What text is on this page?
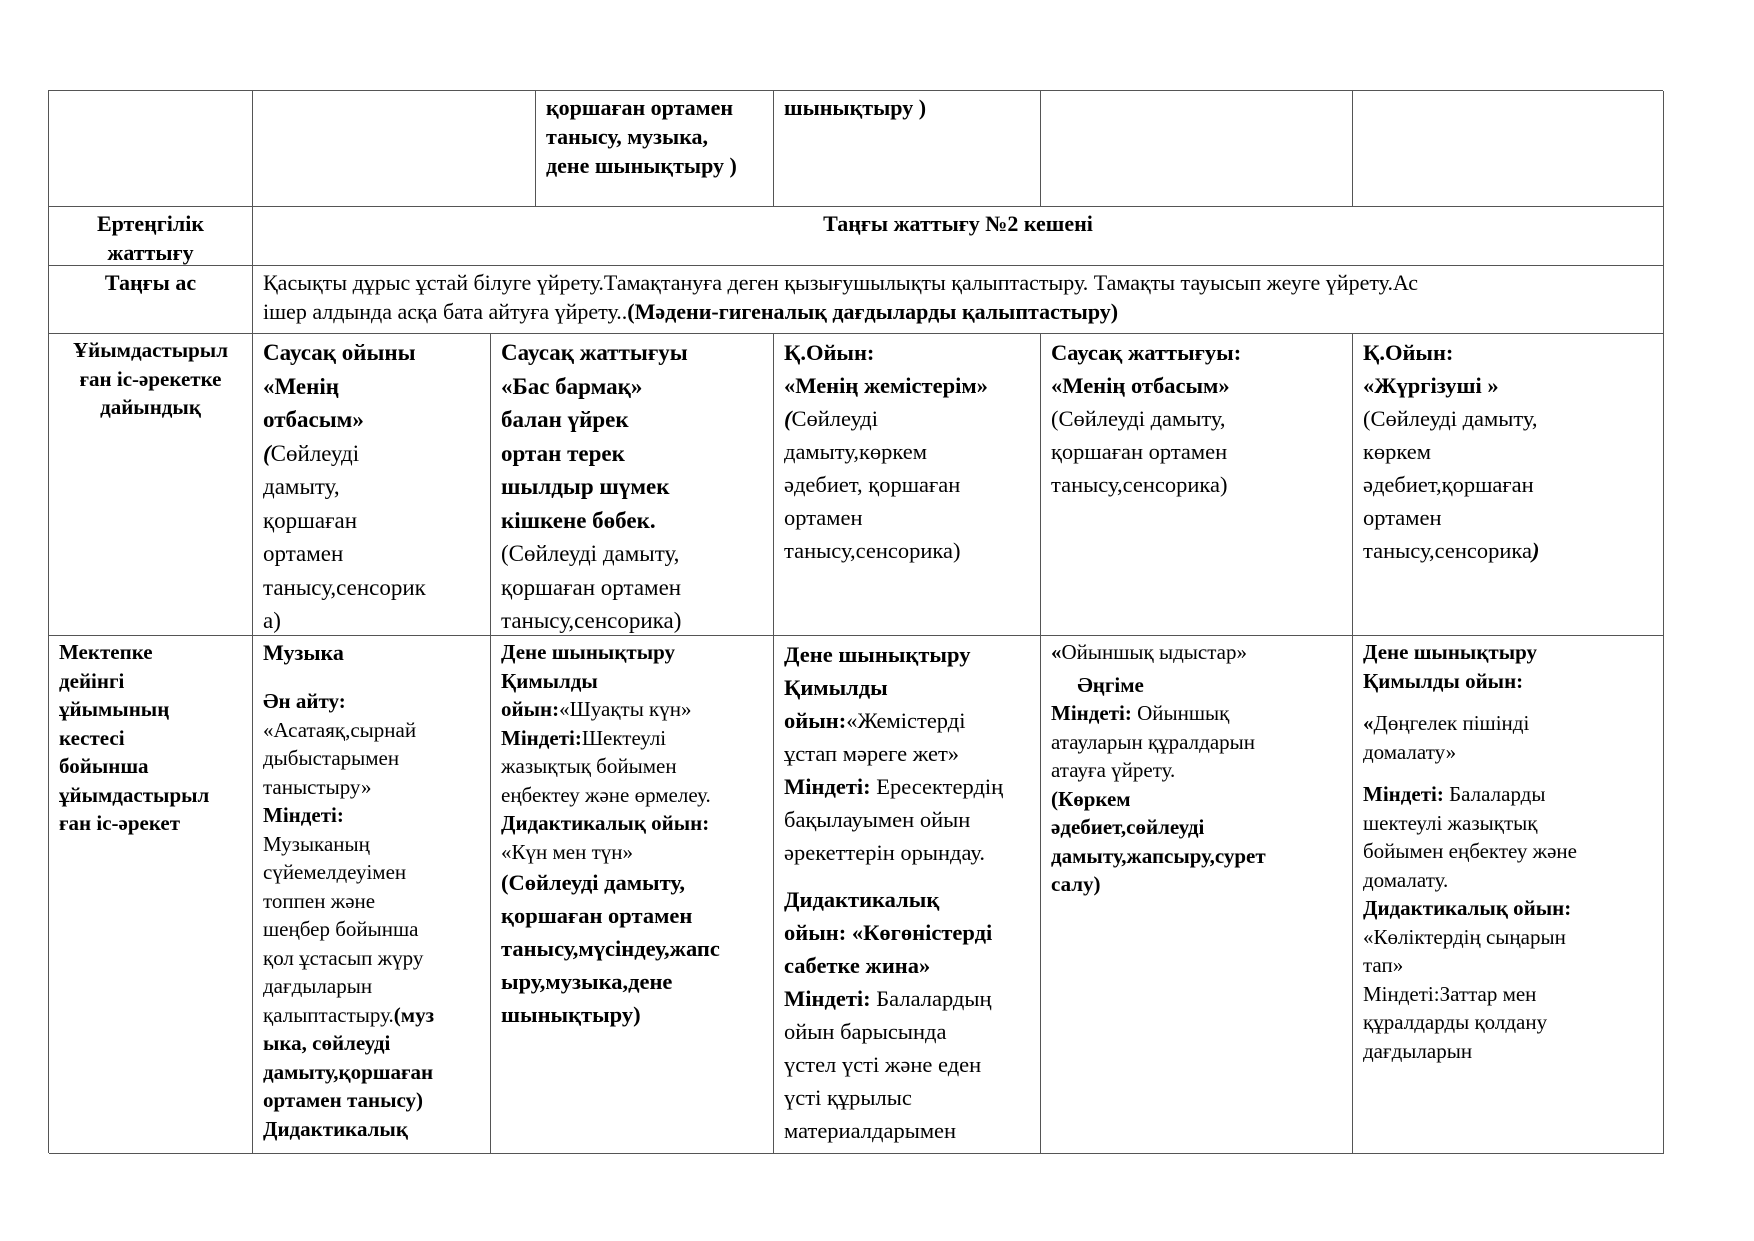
қоршаған ортамен
танысу, музыка,
дене шынықтыру )
шынықтыру )
Ертеңгілік
жаттығу
Таңғы жаттығу №2 кешені
Таңғы ас	Қасықты дұрыс ұстай білуге үйрету.Тамақтануға деген қызығушылықты қалыптастыру. Тамақты тауысып жеуге үйрету.Ас
ішер алдында асқа бата айтуға үйрету..(Мәдени-гигеналық дағдыларды қалыптастыру)
Ұйымдастырыл
ған іс-әрекетке
дайындық
Саусақ ойыны
«Менің
отбасым»
(Сөйлеуді
дамыту,
қоршаған
ортамен
танысу,сенсорик
а)
Саусақ жаттығуы
«Бас бармақ»
балан үйрек
ортан терек
шылдыр шүмек
кішкене бөбек.
(Сөйлеуді дамыту,
қоршаған ортамен
танысу,сенсорика)
Қ.Ойын:
«Менің жемістерім»
(Сөйлеуді
дамыту,көркем
әдебиет, қоршаған
ортамен
танысу,сенсорика)
Саусақ жаттығуы:
«Менің отбасым»
(Сөйлеуді дамыту,
қоршаған ортамен
танысу,сенсорика)
Қ.Ойын:
«Жүргізуші »
(Сөйлеуді дамыту,
көркем
әдебиет,қоршаған
ортамен
танысу,сенсорика)
Мектепке
дейінгі
ұйымының
кестесі
бойынша
ұйымдастырыл
ған іс-әрекет
Музыка
Ән айту:
«Асатаяқ,сырнай
дыбыстарымен
таныстыру»
Міндеті:
Музыканың
сүйемелдеуімен
топпен және
шеңбер бойынша
қол ұстасып жүру
дағдыларын
қалыптастыру.(муз
ыка, сөйлеуді
дамыту,қоршаған
ортамен танысу)
Дидактикалық
Дене шынықтыру
Қимылды
ойын:«Шуақты күн»
Міндеті:Шектеулі
жазықтық бойымен
еңбектеу және өрмелеу.
Дидактикалық ойын:
«Күн мен түн»
(Сөйлеуді дамыту,
қоршаған ортамен
танысу,мүсіндеу,жапс
ыру,музыка,дене
шынықтыру)
Дене шынықтыру
Қимылды
ойын:«Жемістерді
ұстап мәреге жет»
Міндеті: Ересектердің
бақылауымен ойын
әрекеттерін орындау.
Дидактикалық
ойын: «Көгөністерді
сабетке жина»
Міндеті: Балалардың
ойын барысында
үстел үсті және еден
үсті құрылыс
материалдарымен
«Ойыншық ыдыстар»
Әңгіме
Міндеті: Ойыншық
атауларын құралдарын
атауға үйрету.
(Көркем
әдебиет,сөйлеуді
дамыту,жапсыру,сурет
салу)
Дене шынықтыру
Қимылды ойын:
«Дөңгелек пішінді
домалату»
Міндеті: Балаларды
шектеулі жазықтық
бойымен еңбектеу және
домалату.
Дидактикалық ойын:
«Көліктердің сыңарын
тап»
Міндеті:Заттар мен
құралдарды қолдану
дағдыларын
